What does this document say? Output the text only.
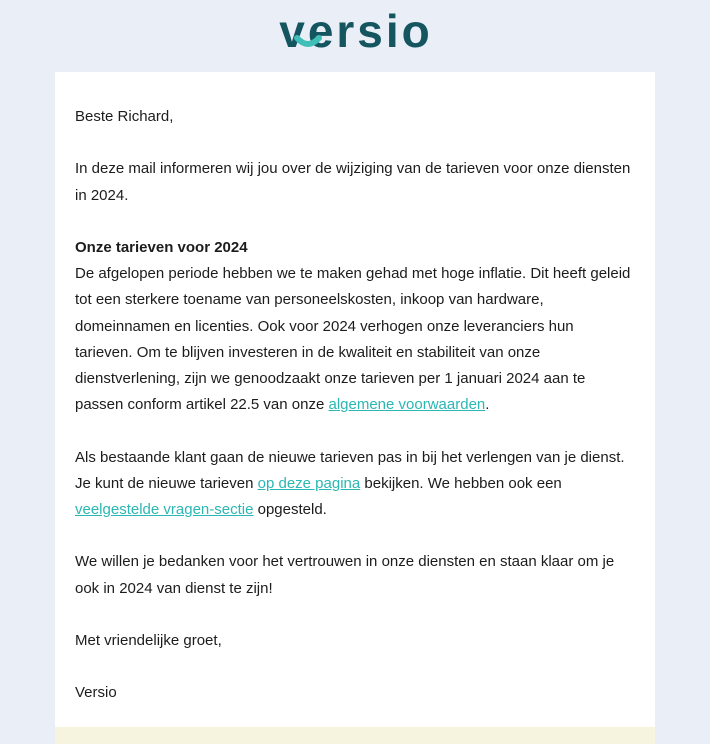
versio

Beste Richard,

In deze mail informeren wij jou over de wijziging van de tarieven voor onze diensten in 2024.

Onze tarieven voor 2024
De afgelopen periode hebben we te maken gehad met hoge inflatie. Dit heeft geleid tot een sterkere toename van personeelskosten, inkoop van hardware, domeinnamen en licenties. Ook voor 2024 verhogen onze leveranciers hun tarieven. Om te blijven investeren in de kwaliteit en stabiliteit van onze dienstverlening, zijn we genoodzaakt onze tarieven per 1 januari 2024 aan te passen conform artikel 22.5 van onze algemene voorwaarden.

Als bestaande klant gaan de nieuwe tarieven pas in bij het verlengen van je dienst. Je kunt de nieuwe tarieven op deze pagina bekijken. We hebben ook een veelgestelde vragen-sectie opgesteld.

We willen je bedanken voor het vertrouwen in onze diensten en staan klaar om je ook in 2024 van dienst te zijn!

Met vriendelijke groet,

Versio
